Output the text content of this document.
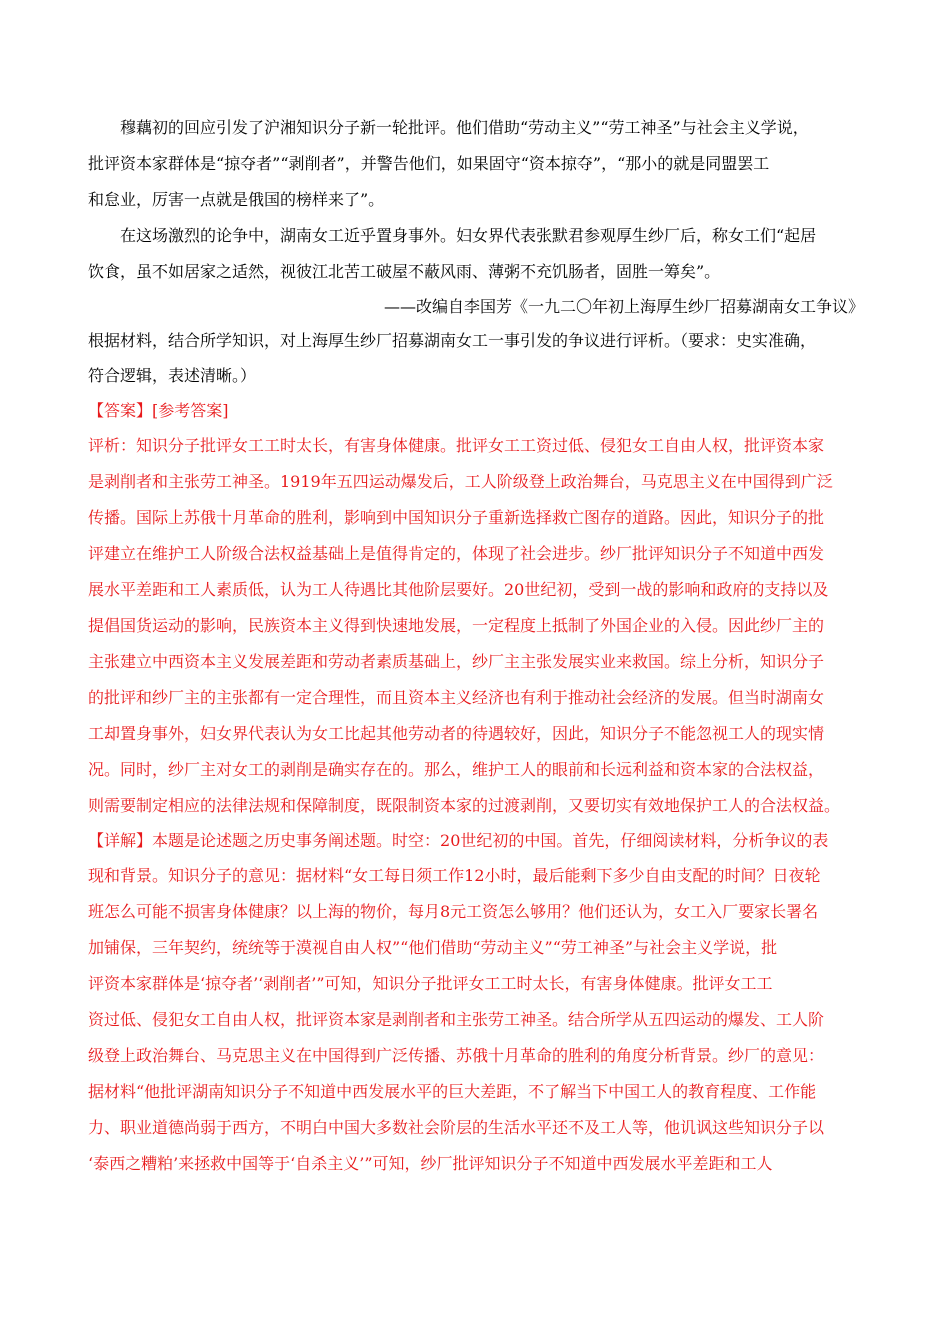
穆藕初的回应引发了沪湘知识分子新一轮批评。他们借助“劳动主义”“劳工神圣”与社会主义学说，
批评资本家群体是“掠夺者”“剥削者”，并警告他们，如果固守“资本掠夺”，“那小的就是同盟罢工
和怠业，厉害一点就是俄国的榜样来了”。
在这场激烈的论争中，湖南女工近乎置身事外。妇女界代表张默君参观厚生纱厂后，称女工们“起居
饮食，虽不如居家之适然，视彼江北苦工破屋不蔽风雨、薄粥不充饥肠者，固胜一筹矣”。
——改编自李国芳《一九二〇年初上海厚生纱厂招募湖南女工争议》
根据材料，结合所学知识，对上海厚生纱厂招募湖南女工一事引发的争议进行评析。（要求：史实准确，
符合逻辑，表述清晰。）
【答案】[参考答案]
评析：知识分子批评女工工时太长，有害身体健康。批评女工工资过低、侵犯女工自由人权，批评资本家
是剥削者和主张劳工神圣。1919年五四运动爆发后，工人阶级登上政治舞台，马克思主义在中国得到广泛
传播。国际上苏俄十月革命的胜利，影响到中国知识分子重新选择救亡图存的道路。因此，知识分子的批
评建立在维护工人阶级合法权益基础上是值得肯定的，体现了社会进步。纱厂批评知识分子不知道中西发
展水平差距和工人素质低，认为工人待遇比其他阶层要好。20世纪初，受到一战的影响和政府的支持以及
提倡国货运动的影响，民族资本主义得到快速地发展，一定程度上抵制了外国企业的入侵。因此纱厂主的
主张建立中西资本主义发展差距和劳动者素质基础上，纱厂主主张发展实业来救国。综上分析，知识分子
的批评和纱厂主的主张都有一定合理性，而且资本主义经济也有利于推动社会经济的发展。但当时湖南女
工却置身事外，妇女界代表认为女工比起其他劳动者的待遇较好，因此，知识分子不能忽视工人的现实情
况。同时，纱厂主对女工的剥削是确实存在的。那么，维护工人的眼前和长远利益和资本家的合法权益，
则需要制定相应的法律法规和保障制度，既限制资本家的过渡剥削，又要切实有效地保护工人的合法权益。
【详解】本题是论述题之历史事务阐述题。时空：20世纪初的中国。首先，仔细阅读材料，分析争议的表
现和背景。知识分子的意见：据材料“女工每日须工作12小时，最后能剩下多少自由支配的时间？日夜轮
班怎么可能不损害身体健康？以上海的物价，每月8元工资怎么够用？他们还认为，女工入厂要家长署名
加铺保，三年契约，统统等于漠视自由人权”“他们借助“劳动主义”“劳工神圣”与社会主义学说，批
评资本家群体是‘掠夺者’‘剥削者’”可知，知识分子批评女工工时太长，有害身体健康。批评女工工
资过低、侵犯女工自由人权，批评资本家是剥削者和主张劳工神圣。结合所学从五四运动的爆发、工人阶
级登上政治舞台、马克思主义在中国得到广泛传播、苏俄十月革命的胜利的角度分析背景。纱厂的意见：
据材料“他批评湖南知识分子不知道中西发展水平的巨大差距，不了解当下中国工人的教育程度、工作能
力、职业道德尚弱于西方，不明白中国大多数社会阶层的生活水平还不及工人等，他讥讽这些知识分子以
‘泰西之糟粕’来拯救中国等于‘自杀主义’”可知，纱厂批评知识分子不知道中西发展水平差距和工人
